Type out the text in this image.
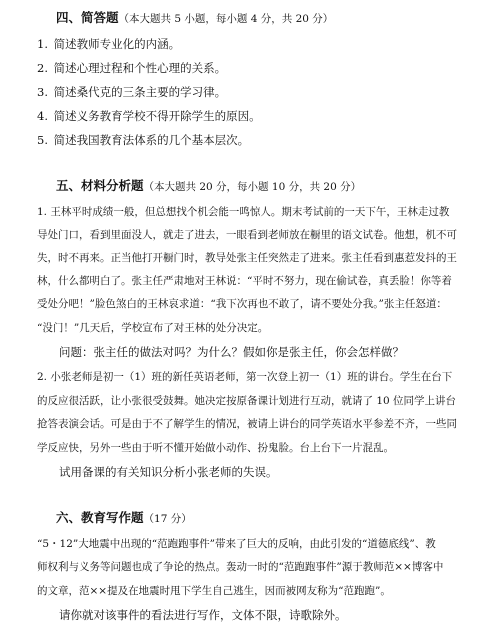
四、简答题（本大题共 5 小题，每小题 4 分，共 20 分）
1. 简述教师专业化的内涵。
2. 简述心理过程和个性心理的关系。
3. 简述桑代克的三条主要的学习律。
4. 简述义务教育学校不得开除学生的原因。
5. 简述我国教育法体系的几个基本层次。
五、材料分析题（本大题共 20 分，每小题 10 分，共 20 分）
1. 王林平时成绩一般，但总想找个机会能一鸣惊人。期末考试前的一天下午，王林走过教
导处门口，看到里面没人，就走了进去，一眼看到老师放在橱里的语文试卷。他想，机不可
失，时不再来。正当他打开橱门时，教导处张主任突然走了进来。张主任看到惠惹发抖的王
林，什么都明白了。张主任严肃地对王林说：“平时不努力，现在偷试卷，真丢脸！你等着
受处分吧！”脸色煞白的王林哀求道：“我下次再也不敢了，请不要处分我。”张主任怒道：
“没门！”几天后，学校宣布了对王林的处分决定。
问题：张主任的做法对吗？为什么？假如你是张主任，你会怎样做？
2. 小张老师是初一（1）班的新任英语老师，第一次登上初一（1）班的讲台。学生在台下
的反应很活跃，让小张很受鼓舞。她决定按原备课计划进行互动，就请了 10 位同学上讲台
抢答表演会话。可是由于不了解学生的情况，被请上讲台的同学英语水平参差不齐，一些同
学反应快，另外一些由于听不懂开始做小动作、扮鬼脸。台上台下一片混乱。
试用备课的有关知识分析小张老师的失误。
六、教育写作题（17 分）
“5・12”大地震中出现的“范跑跑事件”带来了巨大的反响，由此引发的“道德底线”、教
师权利与义务等问题也成了争论的热点。轰动一时的“范跑跑事件”源于教师范××博客中
的文章，范××提及在地震时甩下学生自己逃生，因而被网友称为“范跑跑”。
请你就对该事件的看法进行写作，文体不限，诗歌除外。
